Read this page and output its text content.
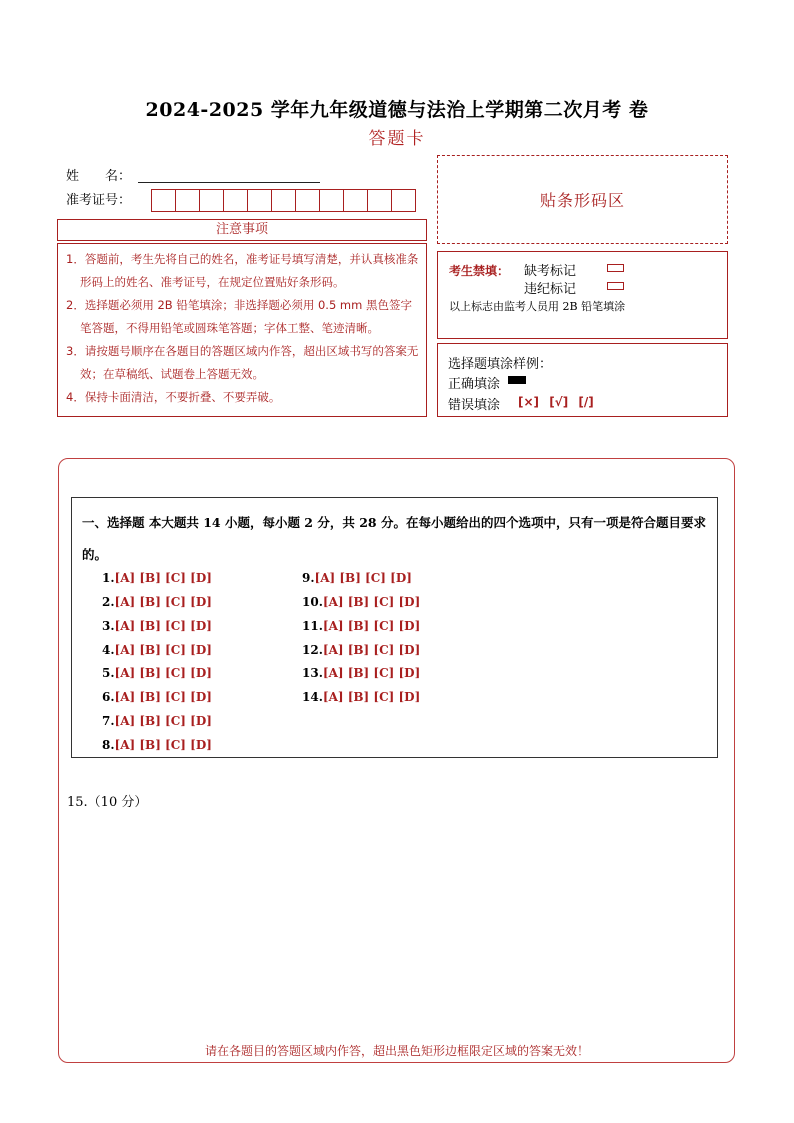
2024-2025 学年九年级道德与法治上学期第二次月考 卷
答题卡
姓　　名：
准考证号：	贴条形码区
注意事项
1．答题前，考生先将自己的姓名，准考证号填写清楚，并认真核准条形码上的姓名、准考证号，在规定位置贴好条形码。
2．选择题必须用 2B 铅笔填涂；非选择题必须用 0.5 mm 黑色签字笔答题，不得用铅笔或圆珠笔答题；字体工整、笔迹清晰。
3．请按题号顺序在各题目的答题区域内作答，超出区域书写的答案无效；在草稿纸、试题卷上答题无效。
4．保持卡面清洁，不要折叠、不要弄破。
考生禁填： 缺考标记
违纪标记
以上标志由监考人员用 2B 铅笔填涂
选择题填涂样例：
正确填涂
错误填涂 [×] [√] [/]
一、选择题 本大题共 14 小题，每小题 2 分，共 28 分。在每小题给出的四个选项中，只有一项是符合题目要求的。
1.[A] [B] [C] [D]
2.[A] [B] [C] [D]
3.[A] [B] [C] [D]
4.[A] [B] [C] [D]
5.[A] [B] [C] [D]
6.[A] [B] [C] [D]
7.[A] [B] [C] [D]
8.[A] [B] [C] [D]
9.[A] [B] [C] [D]
10.[A] [B] [C] [D]
11.[A] [B] [C] [D]
12.[A] [B] [C] [D]
13.[A] [B] [C] [D]
14.[A] [B] [C] [D]
15.（10 分）
请在各题目的答题区域内作答，超出黑色矩形边框限定区域的答案无效！
